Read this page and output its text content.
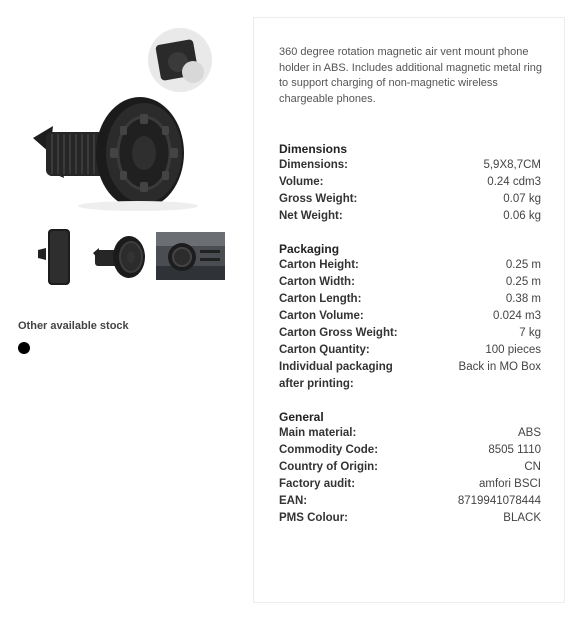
Other available stock

360 degree rotation magnetic air vent mount phone holder in ABS. Includes additional magnetic metal ring to support charging of non-magnetic wireless chargeable phones.

Dimensions
Dimensions:	5,9X8,7CM
Volume:	0.24 cdm3
Gross Weight:	0.07 kg
Net Weight:	0.06 kg
Packaging
Carton Height:	0.25 m
Carton Width:	0.25 m
Carton Length:	0.38 m
Carton Volume:	0.024 m3
Carton Gross Weight:	7 kg
Carton Quantity:	100 pieces
Individual packaging after printing:
Back in MO Box
General
Main material:	ABS
Commodity Code:	8505 1110
Country of Origin:	CN
Factory audit:	amfori BSCI
EAN:	8719941078444
PMS Colour:	BLACK
